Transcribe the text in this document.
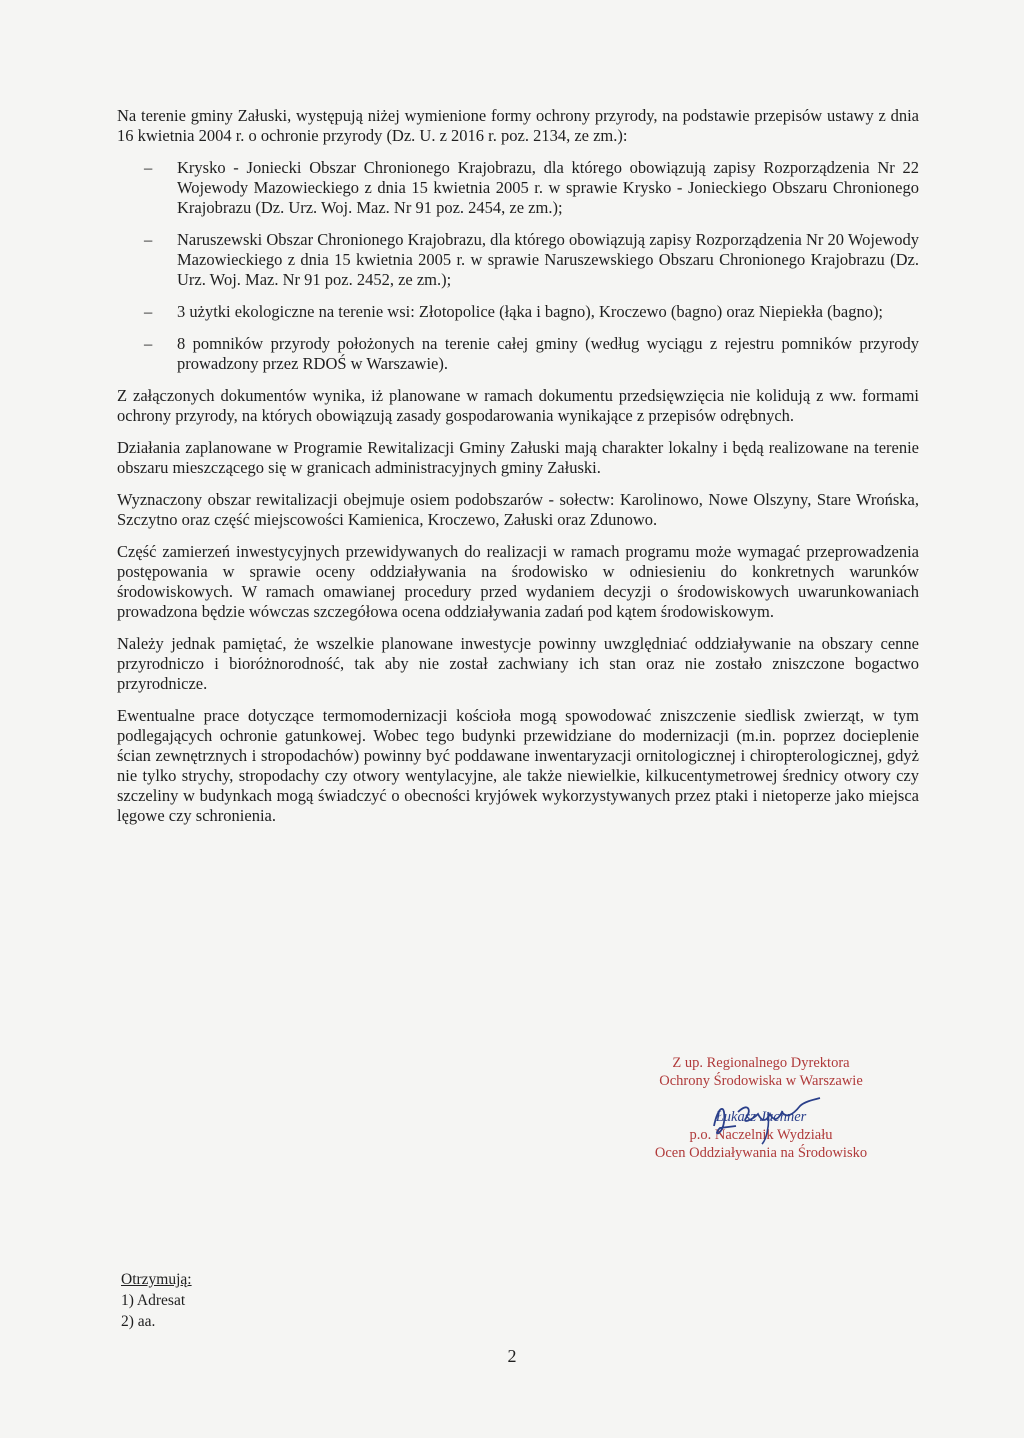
Na terenie gminy Załuski, występują niżej wymienione formy ochrony przyrody, na podstawie przepisów ustawy z dnia 16 kwietnia 2004 r. o ochronie przyrody (Dz. U. z 2016 r. poz. 2134, ze zm.):

– Krysko - Joniecki Obszar Chronionego Krajobrazu, dla którego obowiązują zapisy Rozporządzenia Nr 22 Wojewody Mazowieckiego z dnia 15 kwietnia 2005 r. w sprawie Krysko - Jonieckiego Obszaru Chronionego Krajobrazu (Dz. Urz. Woj. Maz. Nr 91 poz. 2454, ze zm.);
– Naruszewski Obszar Chronionego Krajobrazu, dla którego obowiązują zapisy Rozporządzenia Nr 20 Wojewody Mazowieckiego z dnia 15 kwietnia 2005 r. w sprawie Naruszewskiego Obszaru Chronionego Krajobrazu (Dz. Urz. Woj. Maz. Nr 91 poz. 2452, ze zm.);
– 3 użytki ekologiczne na terenie wsi: Złotopolice (łąka i bagno), Kroczewo (bagno) oraz Niepiekła (bagno);
– 8 pomników przyrody położonych na terenie całej gminy (według wyciągu z rejestru pomników przyrody prowadzony przez RDOŚ w Warszawie).

Z załączonych dokumentów wynika, iż planowane w ramach dokumentu przedsięwzięcia nie kolidują z ww. formami ochrony przyrody, na których obowiązują zasady gospodarowania wynikające z przepisów odrębnych.

Działania zaplanowane w Programie Rewitalizacji Gminy Załuski mają charakter lokalny i będą realizowane na terenie obszaru mieszczącego się w granicach administracyjnych gminy Załuski.

Wyznaczony obszar rewitalizacji obejmuje osiem podobszarów - sołectw: Karolinowo, Nowe Olszyny, Stare Wrońska, Szczytno oraz część miejscowości Kamienica, Kroczewo, Załuski oraz Zdunowo.

Część zamierzeń inwestycyjnych przewidywanych do realizacji w ramach programu może wymagać przeprowadzenia postępowania w sprawie oceny oddziaływania na środowisko w odniesieniu do konkretnych warunków środowiskowych. W ramach omawianej procedury przed wydaniem decyzji o środowiskowych uwarunkowaniach prowadzona będzie wówczas szczegółowa ocena oddziaływania zadań pod kątem środowiskowym.

Należy jednak pamiętać, że wszelkie planowane inwestycje powinny uwzględniać oddziaływanie na obszary cenne przyrodniczo i bioróżnorodność, tak aby nie został zachwiany ich stan oraz nie zostało zniszczone bogactwo przyrodnicze.

Ewentualne prace dotyczące termomodernizacji kościoła mogą spowodować zniszczenie siedlisk zwierząt, w tym podlegających ochronie gatunkowej. Wobec tego budynki przewidziane do modernizacji (m.in. poprzez docieplenie ścian zewnętrznych i stropodachów) powinny być poddawane inwentaryzacji ornitologicznej i chiropterologicznej, gdyż nie tylko strychy, stropodachy czy otwory wentylacyjne, ale także niewielkie, kilkucentymetrowej średnicy otwory czy szczeliny w budynkach mogą świadczyć o obecności kryjówek wykorzystywanych przez ptaki i nietoperze jako miejsca lęgowe czy schronienia.

Z up. Regionalnego Dyrektora
Ochrony Środowiska w Warszawie

Łukasz Juchner
p.o. Naczelnik Wydziału
Ocen Oddziaływania na Środowisko
Otrzymują:
1) Adresat
2) aa.
2
